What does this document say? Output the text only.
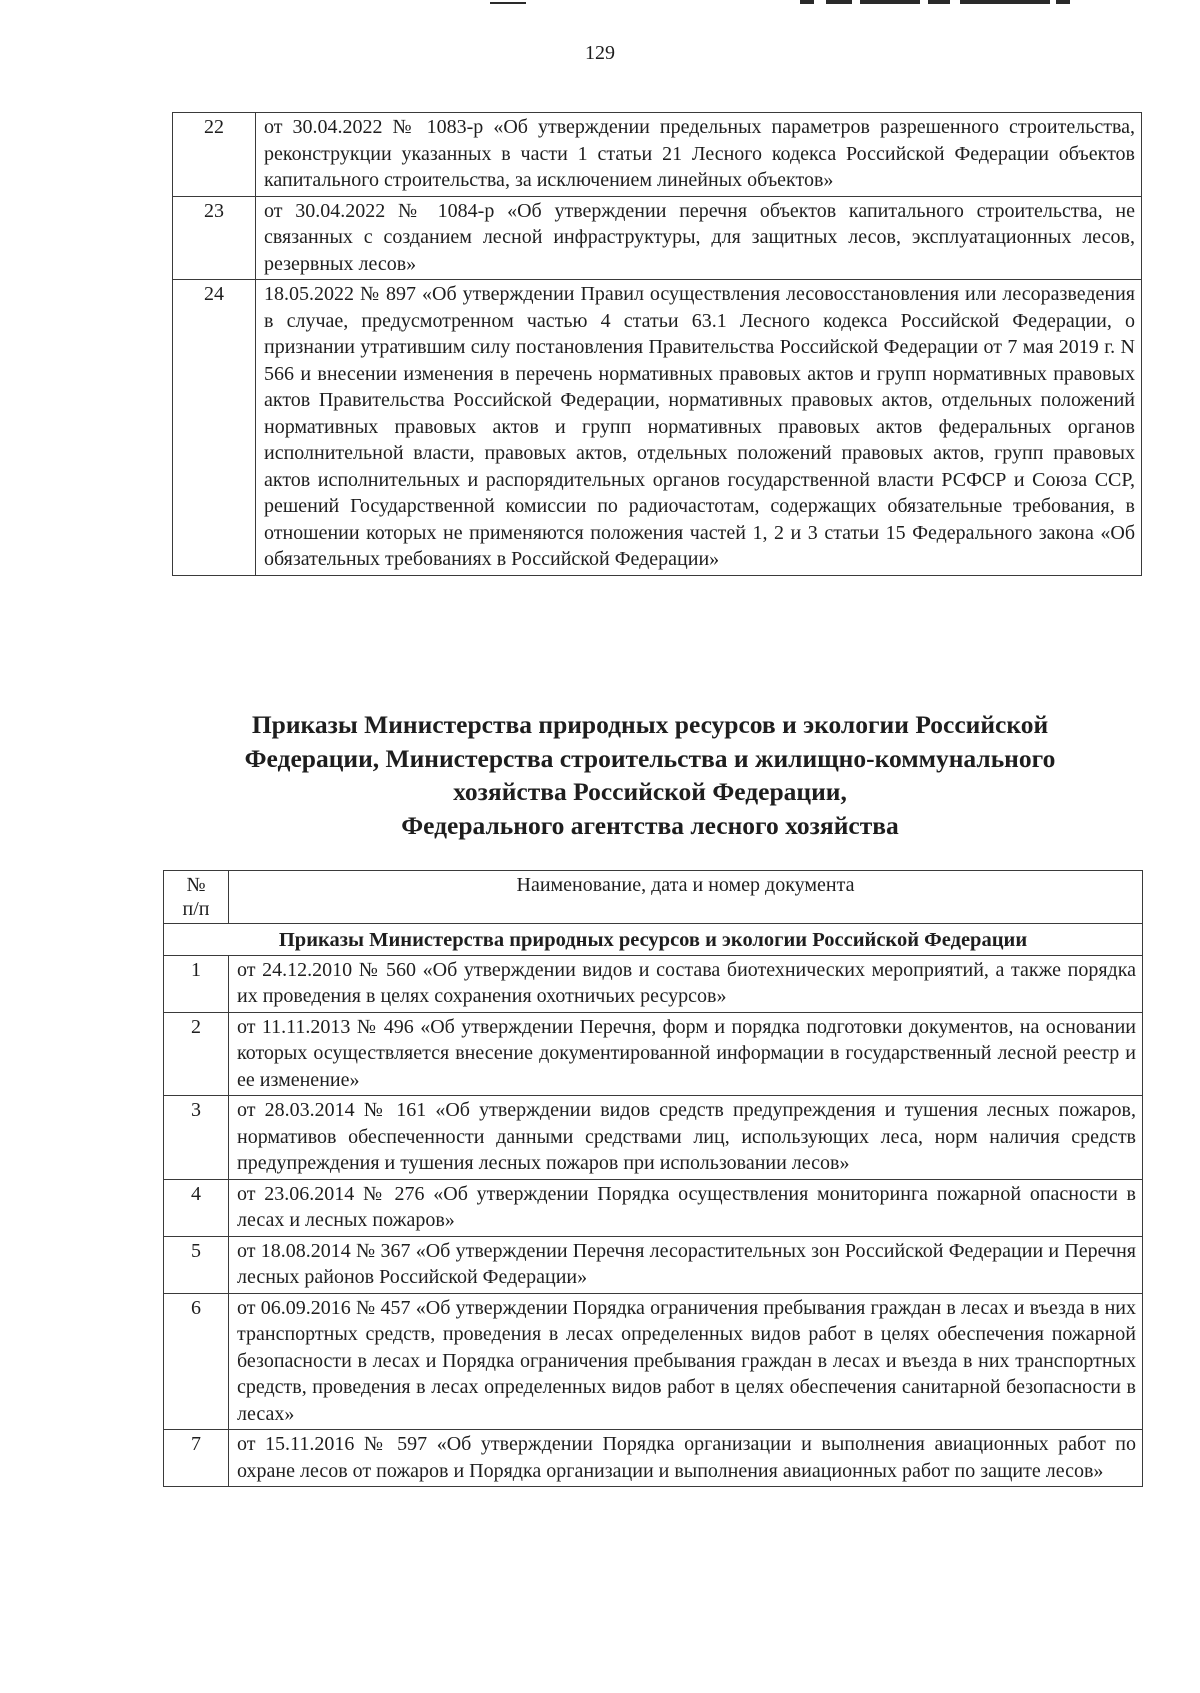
129
22	от 30.04.2022 № 1083-р «Об утверждении предельных параметров разрешенного строительства, реконструкции указанных в части 1 статьи 21 Лесного кодекса Российской Федерации объектов капитального строительства, за исключением линейных объектов»
23	от 30.04.2022 № 1084-р «Об утверждении перечня объектов капитального строительства, не связанных с созданием лесной инфраструктуры, для защитных лесов, эксплуатационных лесов, резервных лесов»
24	18.05.2022 № 897 «Об утверждении Правил осуществления лесовосстановления или лесоразведения в случае, предусмотренном частью 4 статьи 63.1 Лесного кодекса Российской Федерации, о признании утратившим силу постановления Правительства Российской Федерации от 7 мая 2019 г. N 566 и внесении изменения в перечень нормативных правовых актов и групп нормативных правовых актов Правительства Российской Федерации, нормативных правовых актов, отдельных положений нормативных правовых актов и групп нормативных правовых актов федеральных органов исполнительной власти, правовых актов, отдельных положений правовых актов, групп правовых актов исполнительных и распорядительных органов государственной власти РСФСР и Союза ССР, решений Государственной комиссии по радиочастотам, содержащих обязательные требования, в отношении которых не применяются положения частей 1, 2 и 3 статьи 15 Федерального закона «Об обязательных требованиях в Российской Федерации»
Приказы Министерства природных ресурсов и экологии Российской
Федерации, Министерства строительства и жилищно-коммунального
хозяйства Российской Федерации,
Федерального агентства лесного хозяйства
№
п/п	Наименование, дата и номер документа
Приказы Министерства природных ресурсов и экологии Российской Федерации	
1	от 24.12.2010 № 560 «Об утверждении видов и состава биотехнических мероприятий, а также порядка их проведения в целях сохранения охотничьих ресурсов»
2	от 11.11.2013 № 496 «Об утверждении Перечня, форм и порядка подготовки документов, на основании которых осуществляется внесение документированной информации в государственный лесной реестр и ее изменение»
3	от 28.03.2014 № 161 «Об утверждении видов средств предупреждения и тушения лесных пожаров, нормативов обеспеченности данными средствами лиц, использующих леса, норм наличия средств предупреждения и тушения лесных пожаров при использовании лесов»
4	от 23.06.2014 № 276 «Об утверждении Порядка осуществления мониторинга пожарной опасности в лесах и лесных пожаров»
5	от 18.08.2014 № 367 «Об утверждении Перечня лесорастительных зон Российской Федерации и Перечня лесных районов Российской Федерации»
6	от 06.09.2016 № 457 «Об утверждении Порядка ограничения пребывания граждан в лесах и въезда в них транспортных средств, проведения в лесах определенных видов работ в целях обеспечения пожарной безопасности в лесах и Порядка ограничения пребывания граждан в лесах и въезда в них транспортных средств, проведения в лесах определенных видов работ в целях обеспечения санитарной безопасности в лесах»
7	от 15.11.2016 № 597 «Об утверждении Порядка организации и выполнения авиационных работ по охране лесов от пожаров и Порядка организации и выполнения авиационных работ по защите лесов»
